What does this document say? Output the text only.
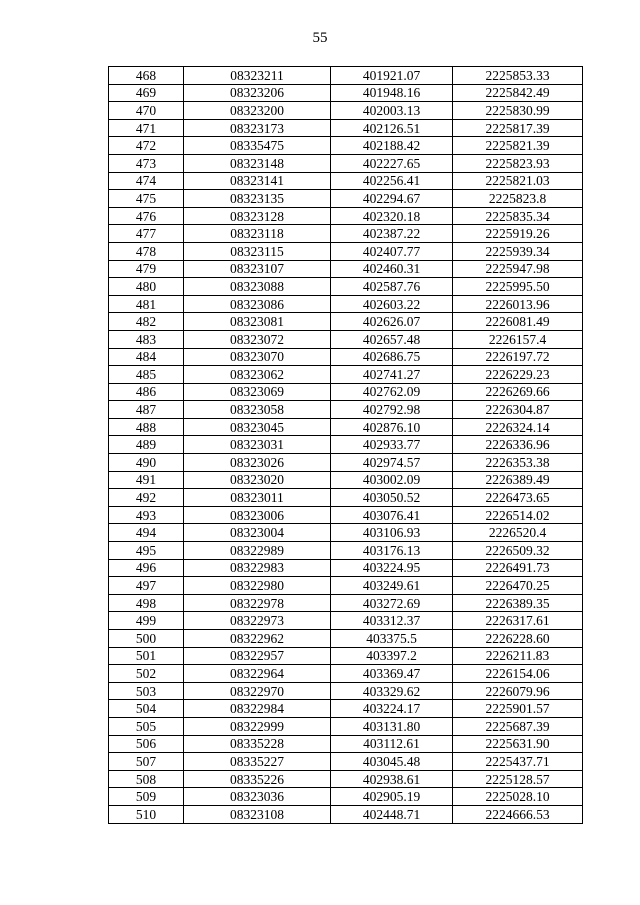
55
468	08323211	401921.07	2225853.33
469	08323206	401948.16	2225842.49
470	08323200	402003.13	2225830.99
471	08323173	402126.51	2225817.39
472	08335475	402188.42	2225821.39
473	08323148	402227.65	2225823.93
474	08323141	402256.41	2225821.03
475	08323135	402294.67	2225823.8
476	08323128	402320.18	2225835.34
477	08323118	402387.22	2225919.26
478	08323115	402407.77	2225939.34
479	08323107	402460.31	2225947.98
480	08323088	402587.76	2225995.50
481	08323086	402603.22	2226013.96
482	08323081	402626.07	2226081.49
483	08323072	402657.48	2226157.4
484	08323070	402686.75	2226197.72
485	08323062	402741.27	2226229.23
486	08323069	402762.09	2226269.66
487	08323058	402792.98	2226304.87
488	08323045	402876.10	2226324.14
489	08323031	402933.77	2226336.96
490	08323026	402974.57	2226353.38
491	08323020	403002.09	2226389.49
492	08323011	403050.52	2226473.65
493	08323006	403076.41	2226514.02
494	08323004	403106.93	2226520.4
495	08322989	403176.13	2226509.32
496	08322983	403224.95	2226491.73
497	08322980	403249.61	2226470.25
498	08322978	403272.69	2226389.35
499	08322973	403312.37	2226317.61
500	08322962	403375.5	2226228.60
501	08322957	403397.2	2226211.83
502	08322964	403369.47	2226154.06
503	08322970	403329.62	2226079.96
504	08322984	403224.17	2225901.57
505	08322999	403131.80	2225687.39
506	08335228	403112.61	2225631.90
507	08335227	403045.48	2225437.71
508	08335226	402938.61	2225128.57
509	08323036	402905.19	2225028.10
510	08323108	402448.71	2224666.53
